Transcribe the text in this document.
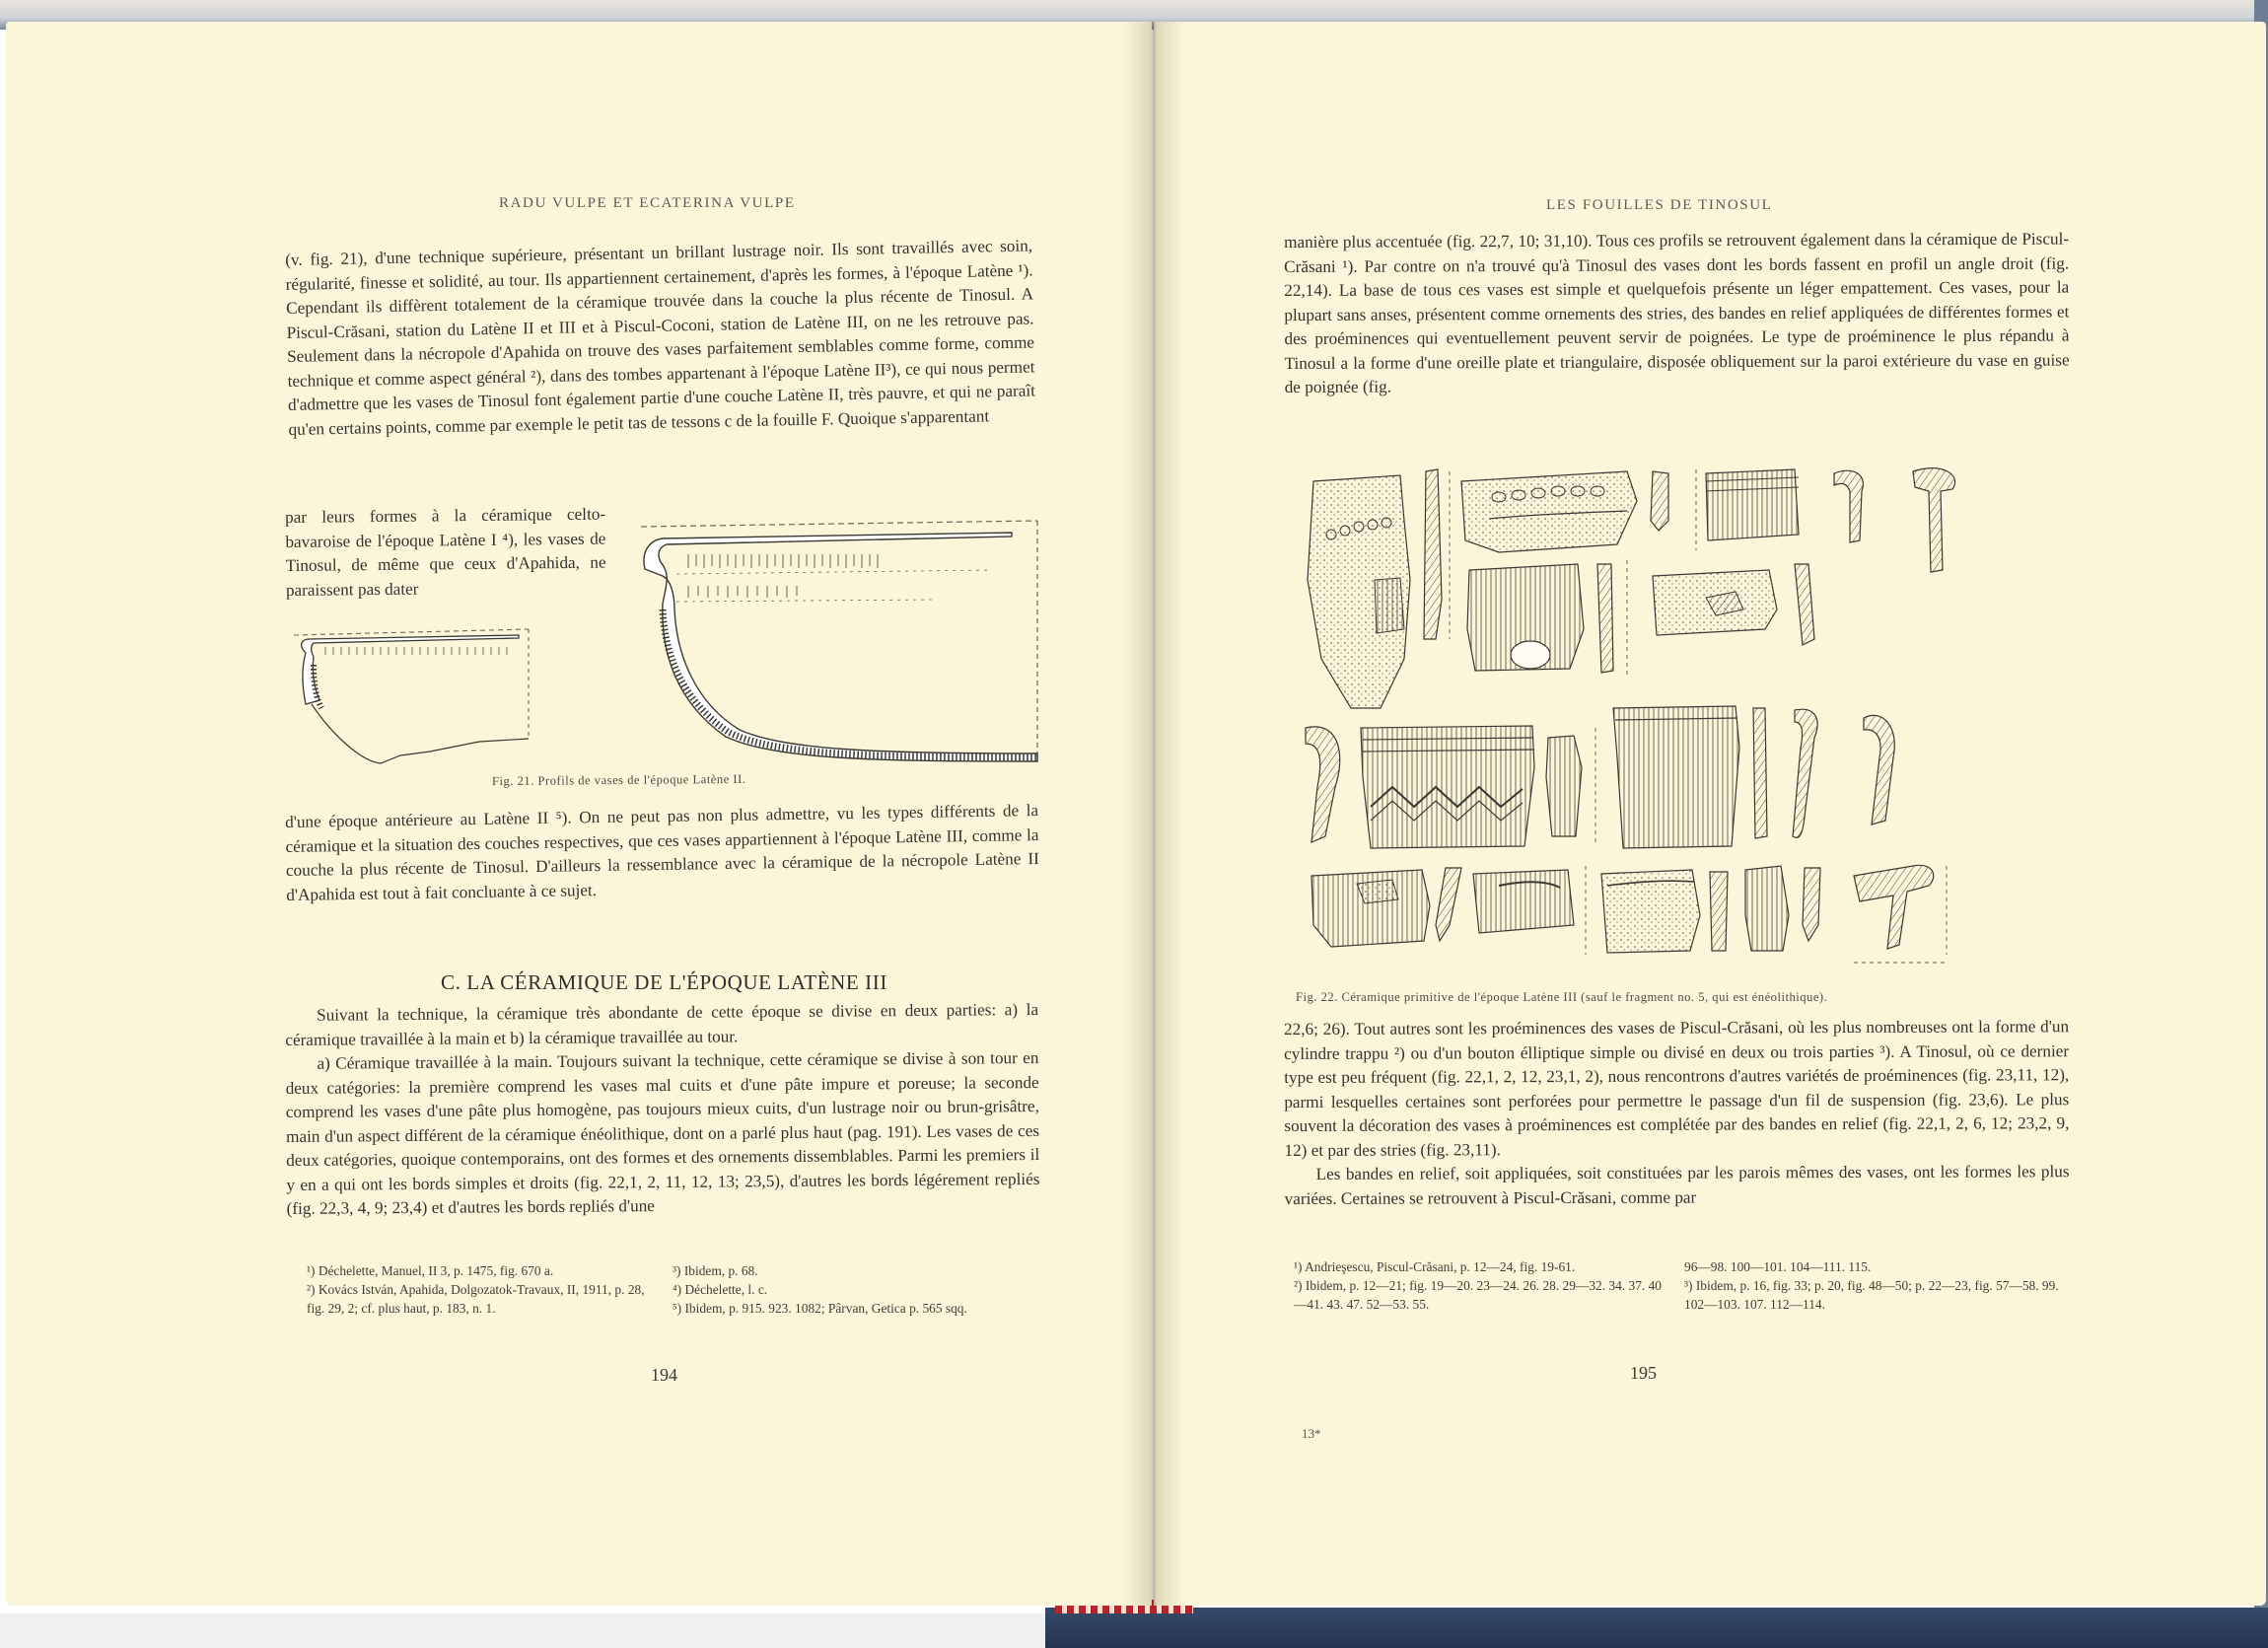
RADU VULPE ET ECATERINA VULPE

(v. fig. 21), d'une technique supérieure, présentant un brillant lustrage noir. Ils sont travaillés avec soin, régularité, finesse et solidité, au tour. Ils appartiennent certainement, d'après les formes, à l'époque Latène ¹). Cependant ils diffèrent totalement de la céramique trouvée dans la couche la plus récente de Tinosul. A Piscul-Crăsani, station du Latène II et III et à Piscul-Coconi, station de Latène III, on ne les retrouve pas. Seulement dans la nécropole d'Apahida on trouve des vases parfaitement semblables comme forme, comme technique et comme aspect général ²), dans des tombes appartenant à l'époque Latène II³), ce qui nous permet d'admettre que les vases de Tinosul font également partie d'une couche Latène II, très pauvre, et qui ne paraît qu'en certains points, comme par exemple le petit tas de tessons c de la fouille F. Quoique s'apparentant

par leurs formes à la céramique celto-bavaroise de l'époque Latène I ⁴), les vases de Tinosul, de même que ceux d'Apahida, ne paraissent pas dater

Fig. 21. Profils de vases de l'époque Latène II.

d'une époque antérieure au Latène II ⁵). On ne peut pas non plus admettre, vu les types différents de la céramique et la situation des couches respectives, que ces vases appartiennent à l'époque Latène III, comme la couche la plus récente de Tinosul. D'ailleurs la ressemblance avec la céramique de la nécropole Latène II d'Apahida est tout à fait concluante à ce sujet.

C. LA CÉRAMIQUE DE L'ÉPOQUE LATÈNE III

Suivant la technique, la céramique très abondante de cette époque se divise en deux parties: a) la céramique travaillée à la main et b) la céramique travaillée au tour.

a) Céramique travaillée à la main. Toujours suivant la technique, cette céramique se divise à son tour en deux catégories: la première comprend les vases mal cuits et d'une pâte impure et poreuse; la seconde comprend les vases d'une pâte plus homogène, pas toujours mieux cuits, d'un lustrage noir ou brun-grisâtre, main d'un aspect différent de la céramique énéolithique, dont on a parlé plus haut (pag. 191). Les vases de ces deux catégories, quoique contemporains, ont des formes et des ornements dissemblables. Parmi les premiers il y en a qui ont les bords simples et droits (fig. 22,1, 2, 11, 12, 13; 23,5), d'autres les bords légérement repliés (fig. 22,3, 4, 9; 23,4) et d'autres les bords repliés d'une

¹) Déchelette, Manuel, II 3, p. 1475, fig. 670 a.
²) Kovács István, Apahida, Dolgozatok-Travaux, II, 1911, p. 28, fig. 29, 2; cf. plus haut, p. 183, n. 1.
³) Ibidem, p. 68.
⁴) Déchelette, l. c.
⁵) Ibidem, p. 915. 923. 1082; Pârvan, Getica p. 565 sqq.
194
LES FOUILLES DE TINOSUL

manière plus accentuée (fig. 22,7, 10; 31,10). Tous ces profils se retrouvent également dans la céramique de Piscul-Crăsani ¹). Par contre on n'a trouvé qu'à Tinosul des vases dont les bords fassent en profil un angle droit (fig. 22,14). La base de tous ces vases est simple et quelquefois présente un léger empattement. Ces vases, pour la plupart sans anses, présentent comme ornements des stries, des bandes en relief appliquées de différentes formes et des proéminences qui eventuellement peuvent servir de poignées. Le type de proéminence le plus répandu à Tinosul a la forme d'une oreille plate et triangulaire, disposée obliquement sur la paroi extérieure du vase en guise de poignée (fig.

Fig. 22. Céramique primitive de l'époque Latène III (sauf le fragment no. 5, qui est énéolithique).

22,6; 26). Tout autres sont les proéminences des vases de Piscul-Crăsani, où les plus nombreuses ont la forme d'un cylindre trappu ²) ou d'un bouton élliptique simple ou divisé en deux ou trois parties ³). A Tinosul, où ce dernier type est peu fréquent (fig. 22,1, 2, 12, 23,1, 2), nous rencontrons d'autres variétés de proéminences (fig. 23,11, 12), parmi lesquelles certaines sont perforées pour permettre le passage d'un fil de suspension (fig. 23,6). Le plus souvent la décoration des vases à proéminences est complétée par des bandes en relief (fig. 22,1, 2, 6, 12; 23,2, 9, 12) et par des stries (fig. 23,11).

Les bandes en relief, soit appliquées, soit constituées par les parois mêmes des vases, ont les formes les plus variées. Certaines se retrouvent à Piscul-Crăsani, comme par

¹) Andrieşescu, Piscul-Crăsani, p. 12—24, fig. 19-61.
²) Ibidem, p. 12—21; fig. 19—20. 23—24. 26. 28. 29—32. 34. 37. 40—41. 43. 47. 52—53. 55.
96—98. 100—101. 104—111. 115.
³) Ibidem, p. 16, fig. 33; p. 20, fig. 48—50; p. 22—23, fig. 57—58. 99. 102—103. 107. 112—114.
195
13*
